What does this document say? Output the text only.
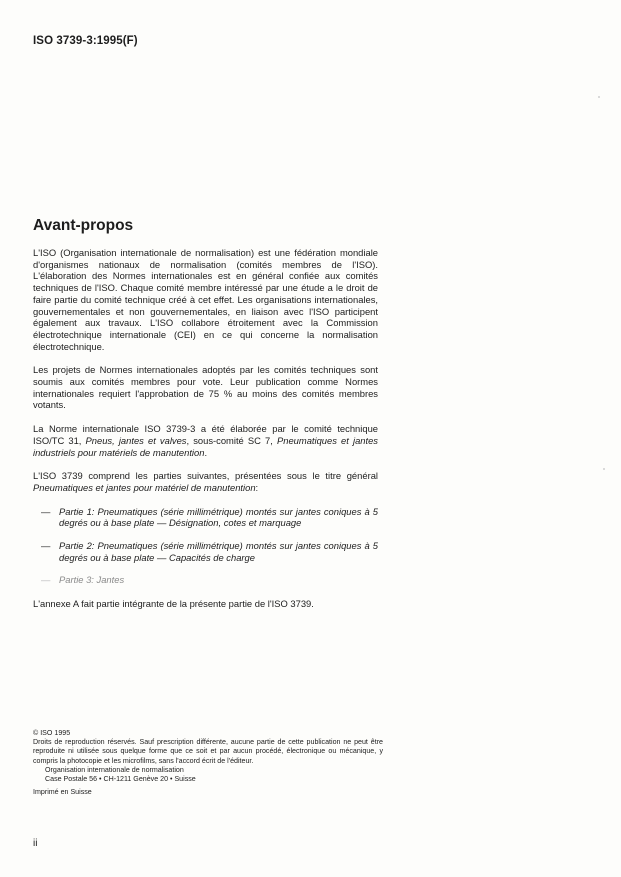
ISO 3739-3:1995(F)
Avant-propos

L'ISO (Organisation internationale de normalisation) est une fédération mondiale d'organismes nationaux de normalisation (comités membres de l'ISO). L'élaboration des Normes internationales est en général confiée aux comités techniques de l'ISO. Chaque comité membre intéressé par une étude a le droit de faire partie du comité technique créé à cet effet. Les organisations internationales, gouvernementales et non gouvernementales, en liaison avec l'ISO participent également aux travaux. L'ISO collabore étroitement avec la Commission électrotechnique internationale (CEI) en ce qui concerne la normalisation électrotechnique.

Les projets de Normes internationales adoptés par les comités techniques sont soumis aux comités membres pour vote. Leur publication comme Normes internationales requiert l'approbation de 75 % au moins des comités membres votants.

La Norme internationale ISO 3739-3 a été élaborée par le comité technique ISO/TC 31, Pneus, jantes et valves, sous-comité SC 7, Pneumatiques et jantes industriels pour matériels de manutention.

L'ISO 3739 comprend les parties suivantes, présentées sous le titre général Pneumatiques et jantes pour matériel de manutention:

— Partie 1: Pneumatiques (série millimétrique) montés sur jantes coniques à 5 degrés ou à base plate — Désignation, cotes et marquage
— Partie 2: Pneumatiques (série millimétrique) montés sur jantes coniques à 5 degrés ou à base plate — Capacités de charge
— Partie 3: Jantes

L'annexe A fait partie intégrante de la présente partie de l'ISO 3739.

© ISO 1995

Droits de reproduction réservés. Sauf prescription différente, aucune partie de cette publication ne peut être reproduite ni utilisée sous quelque forme que ce soit et par aucun procédé, électronique ou mécanique, y compris la photocopie et les microfilms, sans l'accord écrit de l'éditeur.

Organisation internationale de normalisation

Case Postale 56 • CH-1211 Genève 20 • Suisse

Imprimé en Suisse

ii
